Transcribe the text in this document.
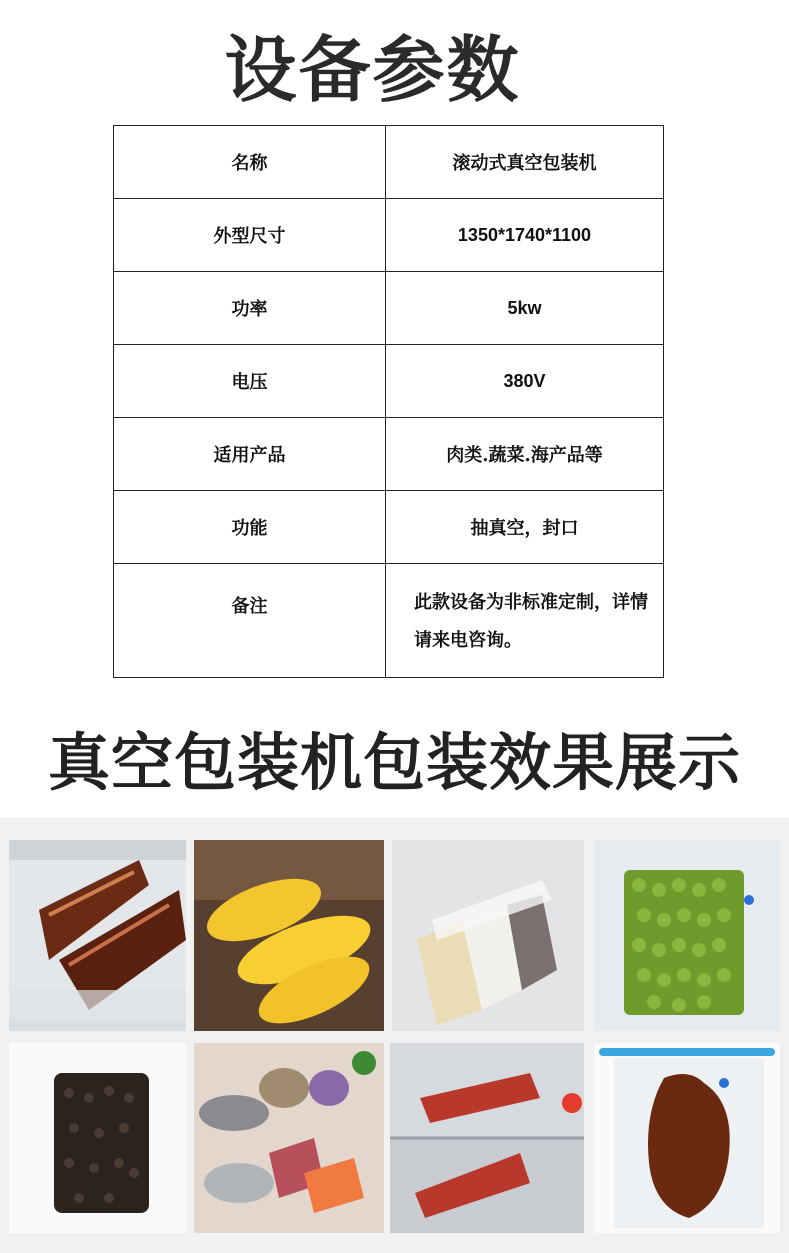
设备参数
名称	滚动式真空包装机
外型尺寸	1350*1740*1100
功率	5kw
电压	380V
适用产品	肉类.蔬菜.海产品等
功能	抽真空，封口
备注	此款设备为非标准定制，详情请来电咨询。
真空包装机包装效果展示
